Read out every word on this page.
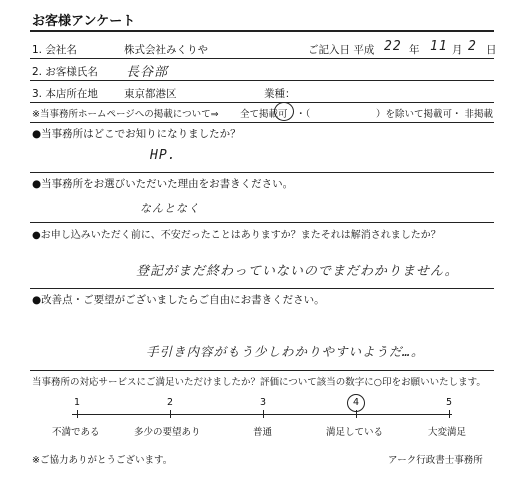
お客様アンケート
1. 会社名	株式会社みくりや	ご記入日 平成 22 年 11 月 2 日
2. お客様氏名 長谷部
3. 本店所在地 東京都港区	業種：
※当事務所ホームページへの掲載について⇒ 全て掲載可 ・（	）を除いて掲載可 ・ 非掲載
●当事務所はどこでお知りになりましたか？
HP.
●当事務所をお選びいただいた理由をお書きください。
なんとなく
●お申し込みいただく前に、不安だったことはありますか？またそれは解消されましたか？
登記がまだ終わっていないのでまだわかりません。
●改善点・ご要望がございましたらご自由にお書きください。
手引き内容がもう少しわかりやすいようだ…。
当事務所の対応サービスにご満足いただけましたか？評価について該当の数字に○印をお願いいたします。
1	2	3	4	5
不満である	多少の要望あり	普通	満足している	大変満足
※ご協力ありがとうございます。	アーク行政書士事務所
